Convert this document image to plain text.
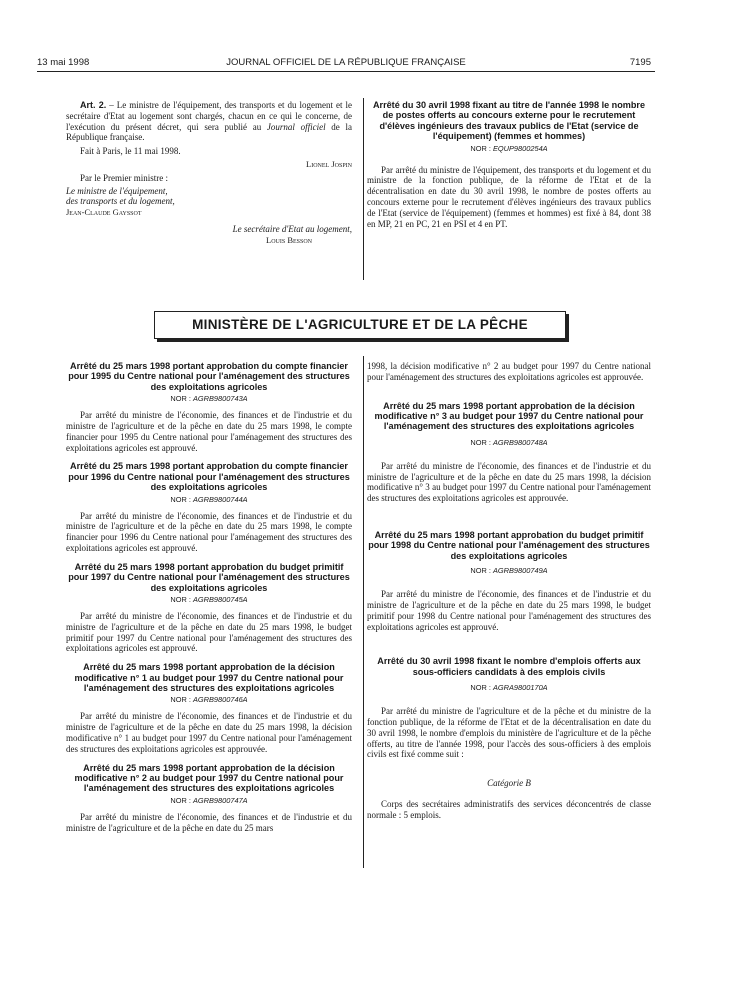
13 mai 1998	JOURNAL OFFICIEL DE LA RÉPUBLIQUE FRANÇAISE	7195

Art. 2. – Le ministre de l'équipement, des transports et du logement et le secrétaire d'Etat au logement sont chargés, chacun en ce qui le concerne, de l'exécution du présent décret, qui sera publié au Journal officiel de la République française.

Fait à Paris, le 11 mai 1998.

Lionel Jospin
Par le Premier ministre :
Le ministre de l'équipement,
des transports et du logement,
Jean-Claude Gayssot
Le secrétaire d'Etat au logement,
Louis Besson

Arrêté du 30 avril 1998 fixant au titre de l'année 1998 le nombre de postes offerts au concours externe pour le recrutement d'élèves ingénieurs des travaux publics de l'Etat (service de l'équipement) (femmes et hommes)

NOR : EQUP9800254A

Par arrêté du ministre de l'équipement, des transports et du logement et du ministre de la fonction publique, de la réforme de l'Etat et de la décentralisation en date du 30 avril 1998, le nombre de postes offerts au concours externe pour le recrutement d'élèves ingénieurs des travaux publics de l'Etat (service de l'équipement) (femmes et hommes) est fixé à 84, dont 38 en MP, 21 en PC, 21 en PSI et 4 en PT.

MINISTÈRE DE L'AGRICULTURE ET DE LA PÊCHE

Arrêté du 25 mars 1998 portant approbation du compte financier pour 1995 du Centre national pour l'aménagement des structures des exploitations agricoles

NOR : AGRB9800743A

Par arrêté du ministre de l'économie, des finances et de l'industrie et du ministre de l'agriculture et de la pêche en date du 25 mars 1998, le compte financier pour 1995 du Centre national pour l'aménagement des structures des exploitations agricoles est approuvé.

Arrêté du 25 mars 1998 portant approbation du compte financier pour 1996 du Centre national pour l'aménagement des structures des exploitations agricoles

NOR : AGRB9800744A

Par arrêté du ministre de l'économie, des finances et de l'industrie et du ministre de l'agriculture et de la pêche en date du 25 mars 1998, le compte financier pour 1996 du Centre national pour l'aménagement des structures des exploitations agricoles est approuvé.

Arrêté du 25 mars 1998 portant approbation du budget primitif pour 1997 du Centre national pour l'aménagement des structures des exploitations agricoles

NOR : AGRB9800745A

Par arrêté du ministre de l'économie, des finances et de l'industrie et du ministre de l'agriculture et de la pêche en date du 25 mars 1998, le budget primitif pour 1997 du Centre national pour l'aménagement des structures des exploitations agricoles est approuvé.

Arrêté du 25 mars 1998 portant approbation de la décision modificative n° 1 au budget pour 1997 du Centre national pour l'aménagement des structures des exploitations agricoles

NOR : AGRB9800746A

Par arrêté du ministre de l'économie, des finances et de l'industrie et du ministre de l'agriculture et de la pêche en date du 25 mars 1998, la décision modificative n° 1 au budget pour 1997 du Centre national pour l'aménagement des structures des exploitations agricoles est approuvée.

Arrêté du 25 mars 1998 portant approbation de la décision modificative n° 2 au budget pour 1997 du Centre national pour l'aménagement des structures des exploitations agricoles

NOR : AGRB9800747A

Par arrêté du ministre de l'économie, des finances et de l'industrie et du ministre de l'agriculture et de la pêche en date du 25 mars

1998, la décision modificative n° 2 au budget pour 1997 du Centre national pour l'aménagement des structures des exploitations agricoles est approuvée.

Arrêté du 25 mars 1998 portant approbation de la décision modificative n° 3 au budget pour 1997 du Centre national pour l'aménagement des structures des exploitations agricoles

NOR : AGRB9800748A

Par arrêté du ministre de l'économie, des finances et de l'industrie et du ministre de l'agriculture et de la pêche en date du 25 mars 1998, la décision modificative n° 3 au budget pour 1997 du Centre national pour l'aménagement des structures des exploitations agricoles est approuvée.

Arrêté du 25 mars 1998 portant approbation du budget primitif pour 1998 du Centre national pour l'aménagement des structures des exploitations agricoles

NOR : AGRB9800749A

Par arrêté du ministre de l'économie, des finances et de l'industrie et du ministre de l'agriculture et de la pêche en date du 25 mars 1998, le budget primitif pour 1998 du Centre national pour l'aménagement des structures des exploitations agricoles est approuvé.

Arrêté du 30 avril 1998 fixant le nombre d'emplois offerts aux sous-officiers candidats à des emplois civils

NOR : AGRA9800170A

Par arrêté du ministre de l'agriculture et de la pêche et du ministre de la fonction publique, de la réforme de l'Etat et de la décentralisation en date du 30 avril 1998, le nombre d'emplois du ministère de l'agriculture et de la pêche offerts, au titre de l'année 1998, pour l'accès des sous-officiers à des emplois civils est fixé comme suit :

Catégorie B

Corps des secrétaires administratifs des services déconcentrés de classe normale : 5 emplois.
